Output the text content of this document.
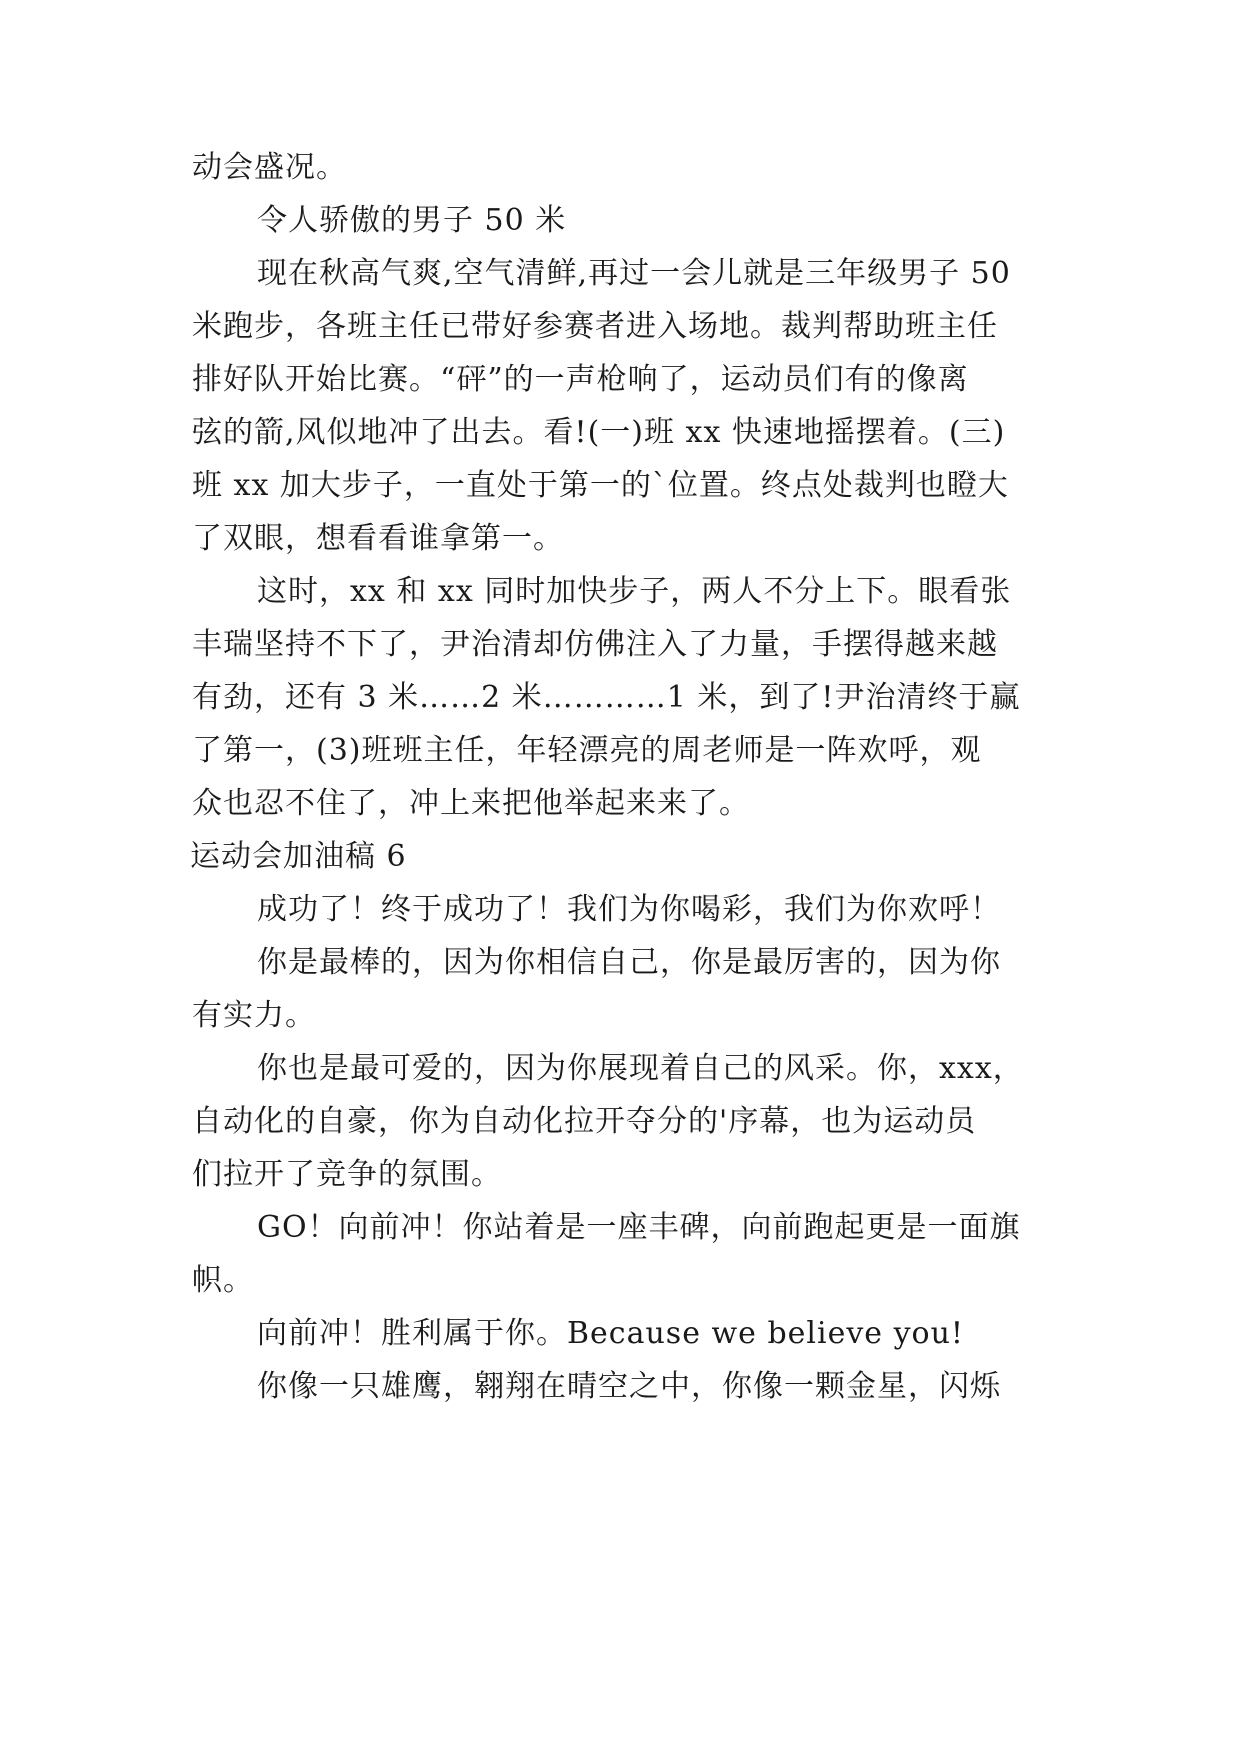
动会盛况。
令人骄傲的男子 50 米
现在秋高气爽,空气清鲜,再过一会儿就是三年级男子 50
米跑步，各班主任已带好参赛者进入场地。裁判帮助班主任
排好队开始比赛。“砰”的一声枪响了，运动员们有的像离
弦的箭,风似地冲了出去。看!(一)班 xx 快速地摇摆着。(三)
班 xx 加大步子，一直处于第一的`位置。终点处裁判也瞪大
了双眼，想看看谁拿第一。
这时，xx 和 xx 同时加快步子，两人不分上下。眼看张
丰瑞坚持不下了，尹治清却仿佛注入了力量，手摆得越来越
有劲，还有 3 米……2 米…………1 米，到了!尹治清终于赢
了第一，(3)班班主任，年轻漂亮的周老师是一阵欢呼，观
众也忍不住了，冲上来把他举起来来了。
运动会加油稿 6
成功了！终于成功了！我们为你喝彩，我们为你欢呼！
你是最棒的，因为你相信自己，你是最厉害的，因为你
有实力。
你也是最可爱的，因为你展现着自己的风采。你，xxx，
自动化的自豪，你为自动化拉开夺分的'序幕，也为运动员
们拉开了竞争的氛围。
GO！向前冲！你站着是一座丰碑，向前跑起更是一面旗
帜。
向前冲！胜利属于你。Because we believe you!
你像一只雄鹰，翱翔在晴空之中，你像一颗金星，闪烁
